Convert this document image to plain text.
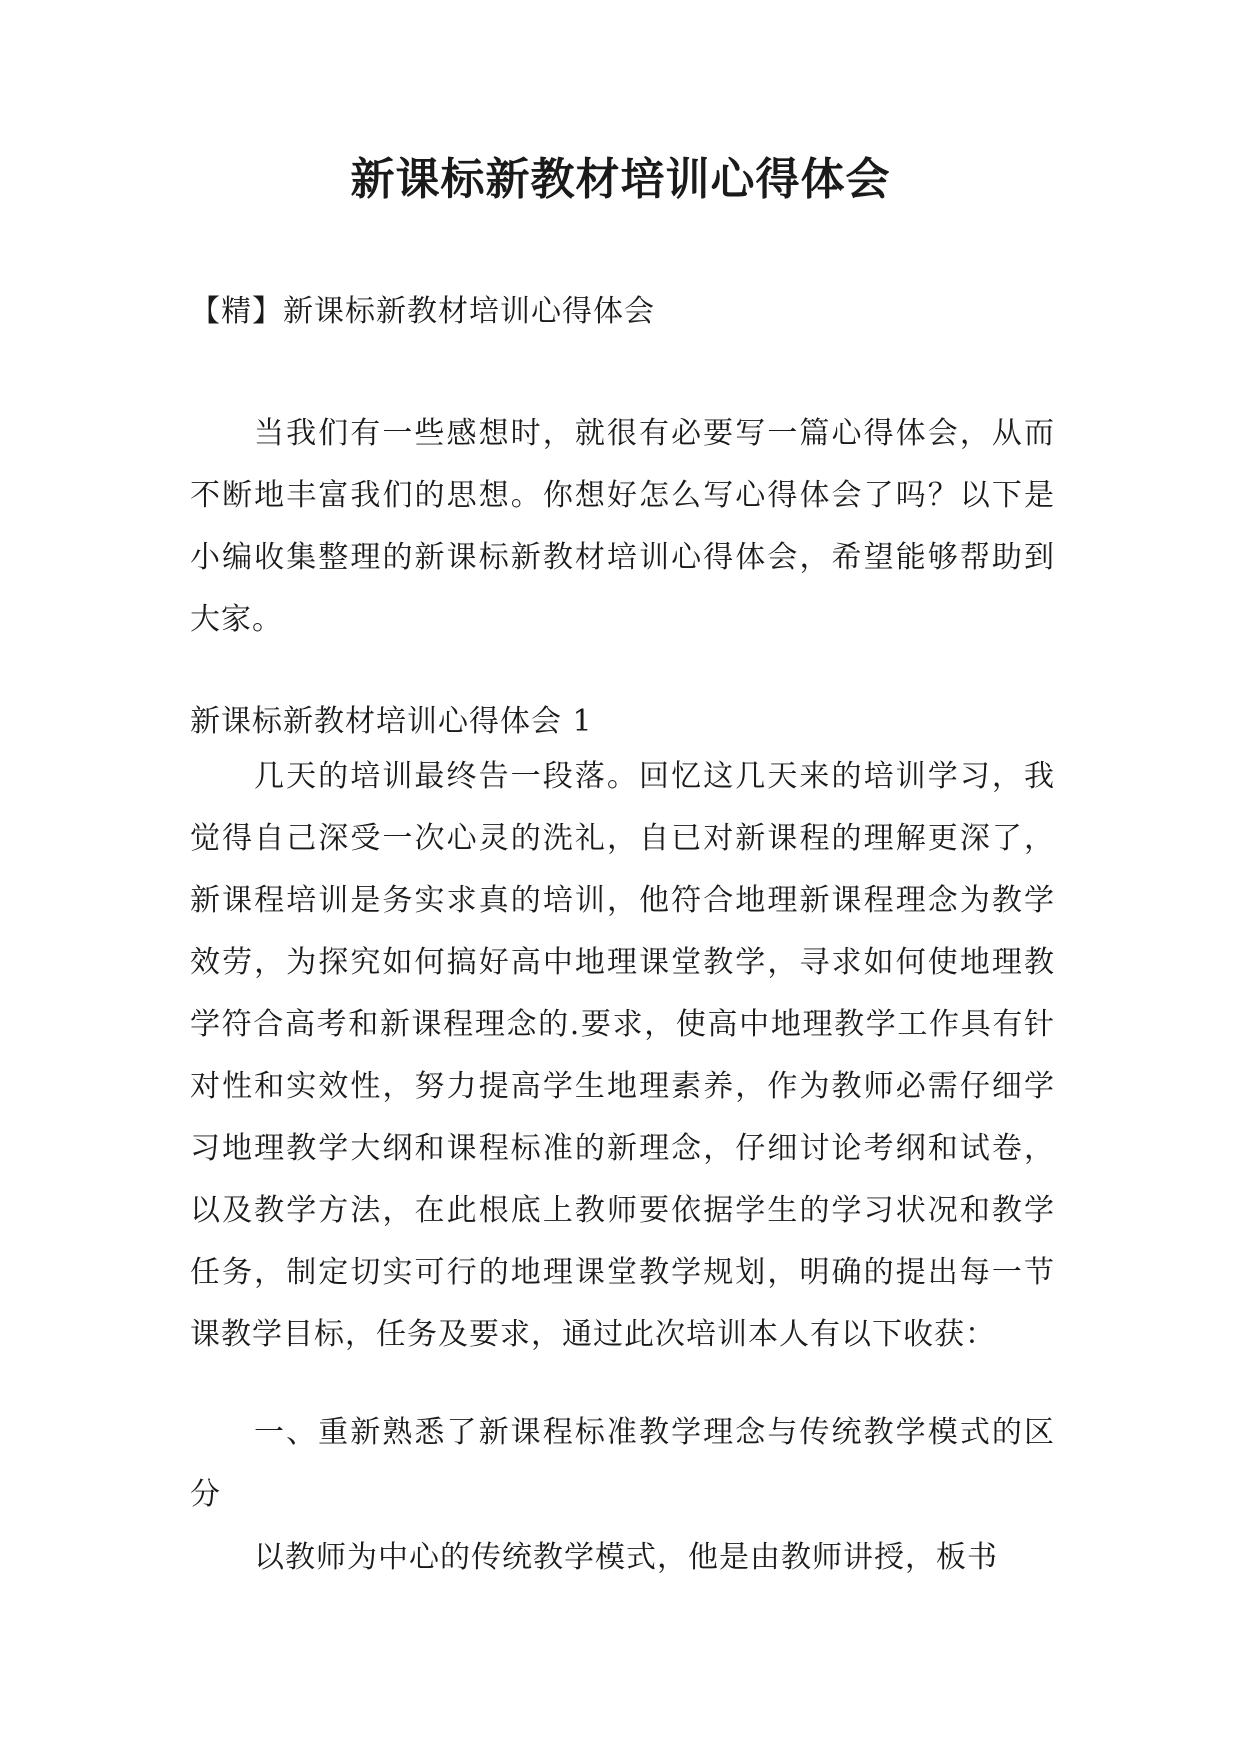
新课标新教材培训心得体会

【精】新课标新教材培训心得体会

当我们有一些感想时，就很有必要写一篇心得体会，从而不断地丰富我们的思想。你想好怎么写心得体会了吗？以下是小编收集整理的新课标新教材培训心得体会，希望能够帮助到大家。

新课标新教材培训心得体会 1

几天的培训最终告一段落。回忆这几天来的培训学习，我觉得自己深受一次心灵的洗礼，自已对新课程的理解更深了，新课程培训是务实求真的培训，他符合地理新课程理念为教学效劳，为探究如何搞好高中地理课堂教学，寻求如何使地理教学符合高考和新课程理念的.要求，使高中地理教学工作具有针对性和实效性，努力提高学生地理素养，作为教师必需仔细学习地理教学大纲和课程标准的新理念，仔细讨论考纲和试卷，以及教学方法，在此根底上教师要依据学生的学习状况和教学任务，制定切实可行的地理课堂教学规划，明确的提出每一节课教学目标，任务及要求，通过此次培训本人有以下收获：

一、重新熟悉了新课程标准教学理念与传统教学模式的区分

以教师为中心的传统教学模式，他是由教师讲授，板书
